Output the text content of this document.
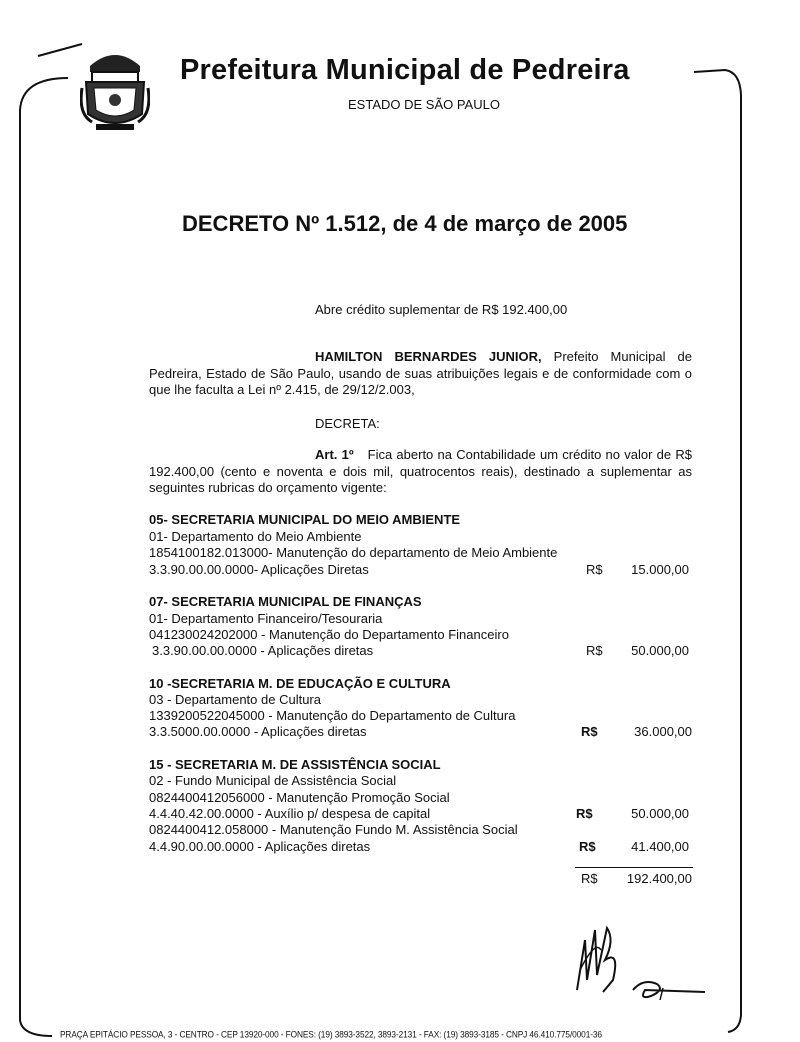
Prefeitura Municipal de Pedreira
ESTADO DE SÃO PAULO
DECRETO Nº 1.512, de 4 de março de 2005
Abre crédito suplementar de R$ 192.400,00
HAMILTON BERNARDES JUNIOR, Prefeito Municipal de Pedreira, Estado de São Paulo, usando de suas atribuições legais e de conformidade com o que lhe faculta a Lei nº 2.415, de 29/12/2.003,
DECRETA:
Art. 1º Fica aberto na Contabilidade um crédito no valor de R$ 192.400,00 (cento e noventa e dois mil, quatrocentos reais), destinado a suplementar as seguintes rubricas do orçamento vigente:
05- SECRETARIA MUNICIPAL DO MEIO AMBIENTE
01- Departamento do Meio Ambiente
1854100182.013000- Manutenção do departamento de Meio Ambiente
3.3.90.00.00.0000- Aplicações Diretas	R$ 15.000,00
07- SECRETARIA MUNICIPAL DE FINANÇAS
01- Departamento Financeiro/Tesouraria
041230024202000 - Manutenção do Departamento Financeiro
3.3.90.00.00.0000 - Aplicações diretas	R$ 50.000,00
10 -SECRETARIA M. DE EDUCAÇÃO E CULTURA
03 - Departamento de Cultura
1339200522045000 - Manutenção do Departamento de Cultura
3.3.5000.00.0000 - Aplicações diretas	R$	36.000,00
15 - SECRETARIA M. DE ASSISTÊNCIA SOCIAL
02 - Fundo Municipal de Assistência Social
0824400412056000 - Manutenção Promoção Social
4.4.40.42.00.0000 - Auxílio p/ despesa de capital	R$	50.000,00
0824400412.058000 - Manutenção Fundo M. Assistência Social
4.4.90.00.00.0000 - Aplicações diretas	R$	41.400,00
R$ 192.400,00
PRAÇA EPITÁCIO PESSOA, 3 - CENTRO - CEP 13920-000 - FONES: (19) 3893-3522, 3893-2131 - FAX: (19) 3893-3185 - CNPJ 46.410.775/0001-36
